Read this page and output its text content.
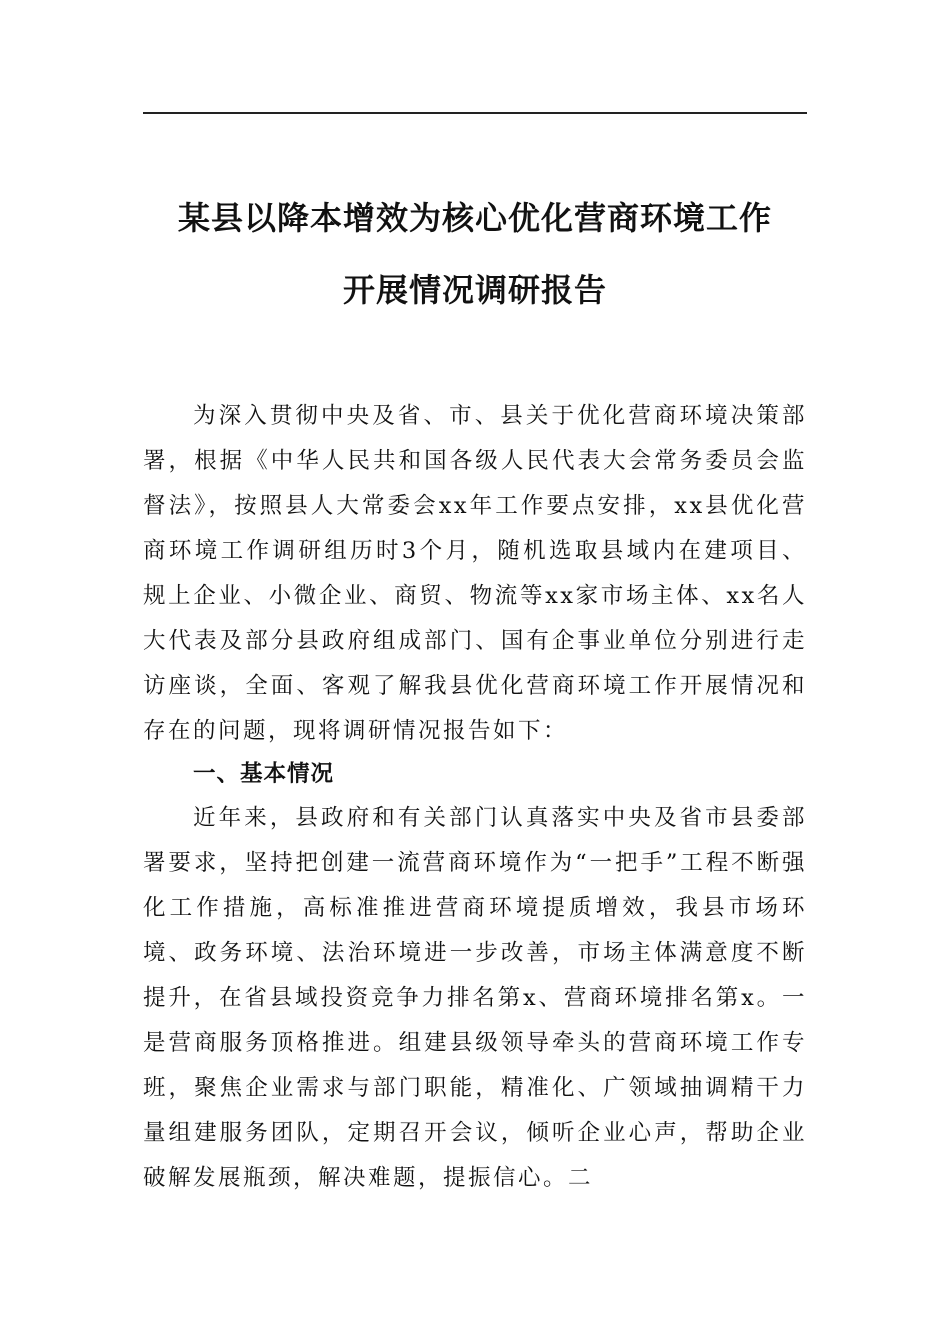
某县以降本增效为核心优化营商环境工作
开展情况调研报告

为深入贯彻中央及省、市、县关于优化营商环境决策部署，根据《中华人民共和国各级人民代表大会常务委员会监督法》，按照县人大常委会xx年工作要点安排，xx县优化营商环境工作调研组历时3个月，随机选取县域内在建项目、规上企业、小微企业、商贸、物流等xx家市场主体、xx名人大代表及部分县政府组成部门、国有企事业单位分别进行走访座谈，全面、客观了解我县优化营商环境工作开展情况和存在的问题，现将调研情况报告如下：

一、基本情况

近年来，县政府和有关部门认真落实中央及省市县委部署要求，坚持把创建一流营商环境作为“一把手”工程不断强化工作措施，高标准推进营商环境提质增效，我县市场环境、政务环境、法治环境进一步改善，市场主体满意度不断提升，在省县域投资竞争力排名第x、营商环境排名第x。一是营商服务顶格推进。组建县级领导牵头的营商环境工作专班，聚焦企业需求与部门职能，精准化、广领域抽调精干力量组建服务团队，定期召开会议，倾听企业心声，帮助企业破解发展瓶颈，解决难题，提振信心。二
